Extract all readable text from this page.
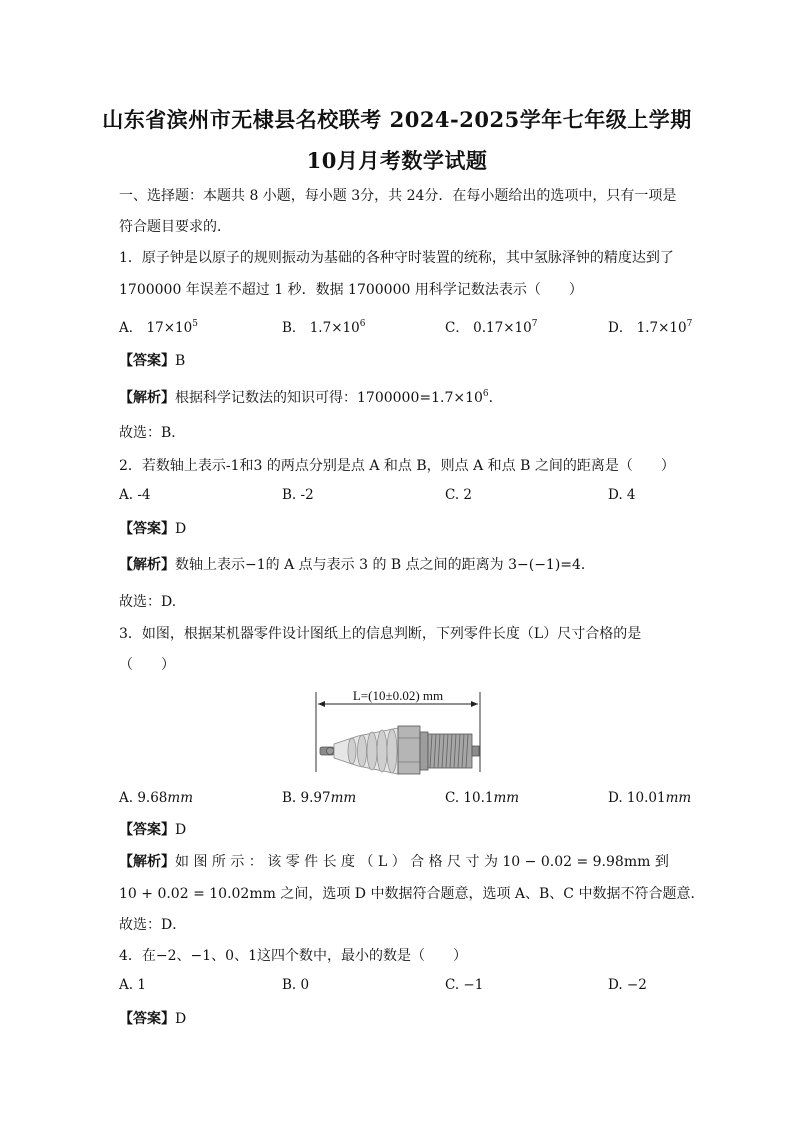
山东省滨州市无棣县名校联考 2024-2025学年七年级上学期
10月月考数学试题
一、选择题：本题共 8 小题，每小题 3分，共 24分．在每小题给出的选项中，只有一项是
符合题目要求的．
1．原子钟是以原子的规则振动为基础的各种守时装置的统称，其中氢脉泽钟的精度达到了
1700000 年误差不超过 1 秒．数据 1700000 用科学记数法表示（　　）
A． $17\times 10^5$	B． $1.7\times 10^6$	C． $0.17\times 10^7$	D． $1.7\times 10^7$
【答案】B
【解析】根据科学记数法的知识可得：$1700000=1.7\times 10^6$．
故选：B．
2．若数轴上表示-1和3 的两点分别是点 A 和点 B，则点 A 和点 B 之间的距离是（　　）
A. -4	B. -2	C. 2	D. 4
【答案】D
【解析】数轴上表示−1的 A 点与表示 3 的 B 点之间的距离为 3−(−1)=4．
故选：D.
3．如图，根据某机器零件设计图纸上的信息判断，下列零件长度（L）尺寸合格的是
（　　）
L=(10±0.02) mm
A. 9.68mm	B. 9.97mm	C. 10.1mm	D. 10.01mm
【答案】D
【解析】如 图 所 示 ： 该 零 件 长 度 （ L ） 合 格 尺 寸 为 10 − 0.02 = 9.98mm 到
10 + 0.02 = 10.02mm 之间，选项 D 中数据符合题意，选项 A、B、C 中数据不符合题意．
故选：D．
4．在−2、−1、0、1这四个数中，最小的数是（　　）
A. 1	B. 0	C. −1	D. −2
【答案】D
